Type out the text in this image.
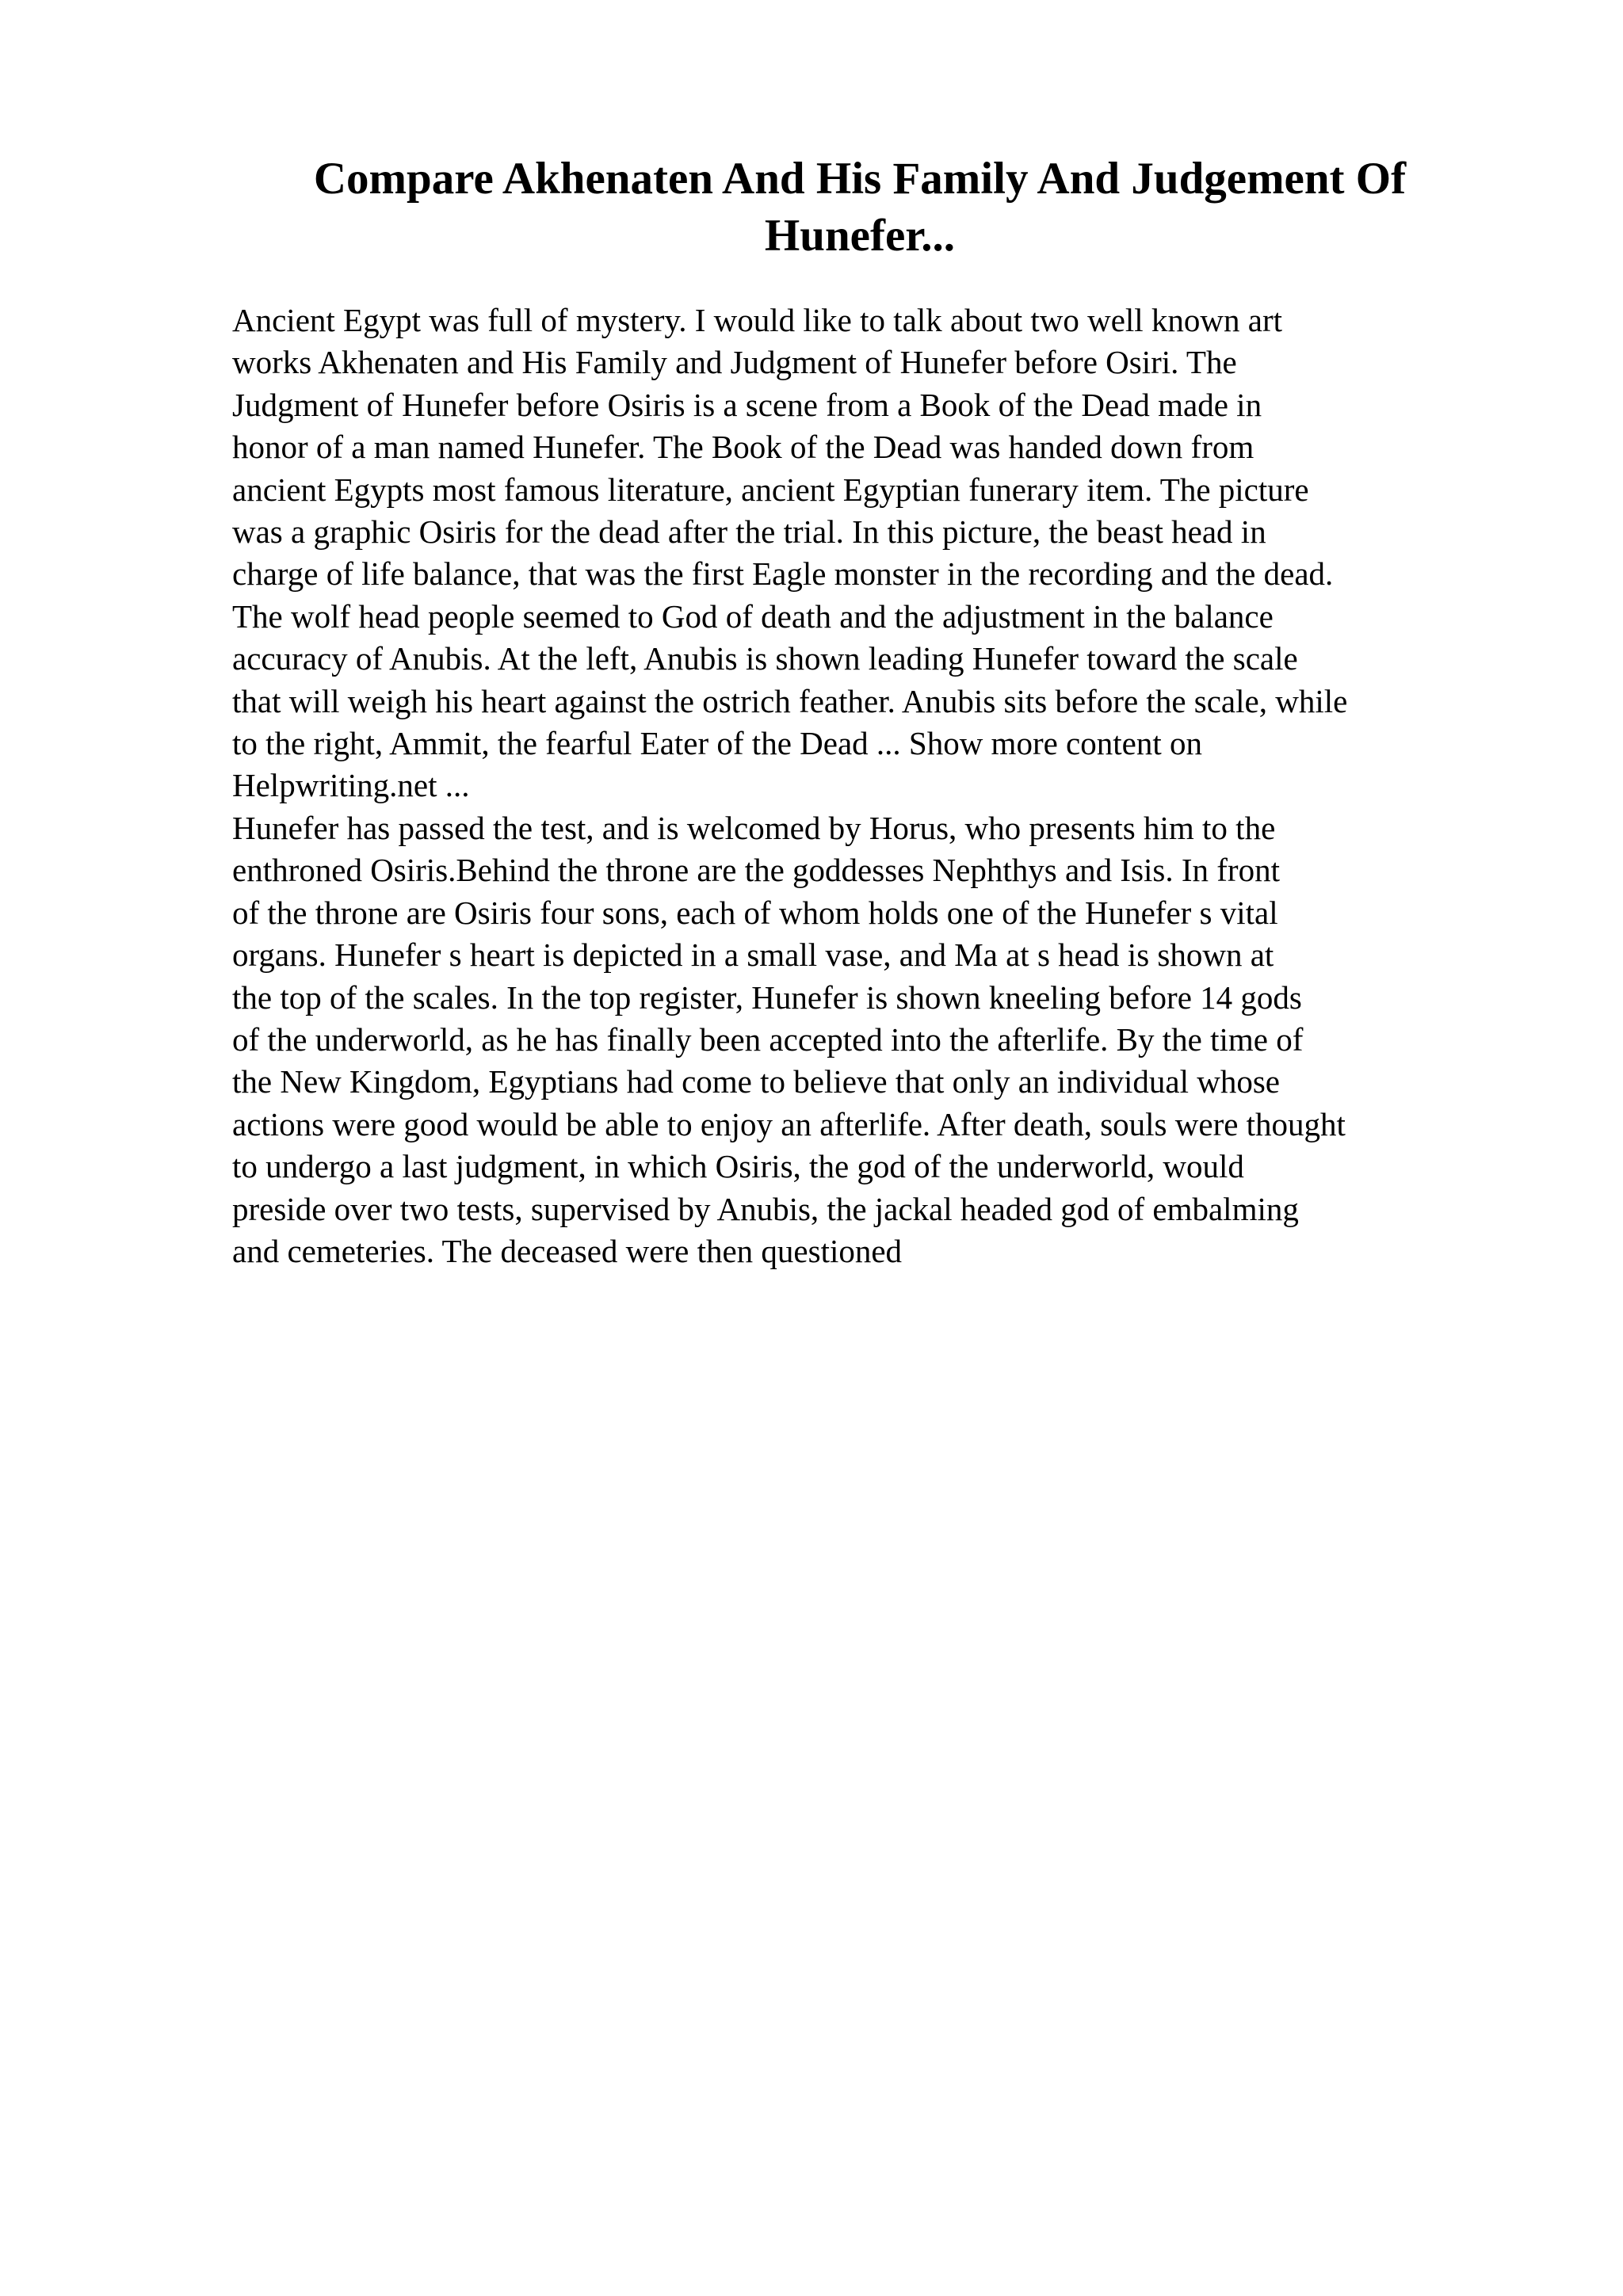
Compare Akhenaten And His Family And Judgement Of
Hunefer...
Ancient Egypt was full of mystery. I would like to talk about two well known art
works Akhenaten and His Family and Judgment of Hunefer before Osiri. The
Judgment of Hunefer before Osiris is a scene from a Book of the Dead made in
honor of a man named Hunefer. The Book of the Dead was handed down from
ancient Egypts most famous literature, ancient Egyptian funerary item. The picture
was a graphic Osiris for the dead after the trial. In this picture, the beast head in
charge of life balance, that was the first Eagle monster in the recording and the dead.
The wolf head people seemed to God of death and the adjustment in the balance
accuracy of Anubis. At the left, Anubis is shown leading Hunefer toward the scale
that will weigh his heart against the ostrich feather. Anubis sits before the scale, while
to the right, Ammit, the fearful Eater of the Dead ... Show more content on
Helpwriting.net ...
Hunefer has passed the test, and is welcomed by Horus, who presents him to the
enthroned Osiris.Behind the throne are the goddesses Nephthys and Isis. In front
of the throne are Osiris four sons, each of whom holds one of the Hunefer s vital
organs. Hunefer s heart is depicted in a small vase, and Ma at s head is shown at
the top of the scales. In the top register, Hunefer is shown kneeling before 14 gods
of the underworld, as he has finally been accepted into the afterlife. By the time of
the New Kingdom, Egyptians had come to believe that only an individual whose
actions were good would be able to enjoy an afterlife. After death, souls were thought
to undergo a last judgment, in which Osiris, the god of the underworld, would
preside over two tests, supervised by Anubis, the jackal headed god of embalming
and cemeteries. The deceased were then questioned
